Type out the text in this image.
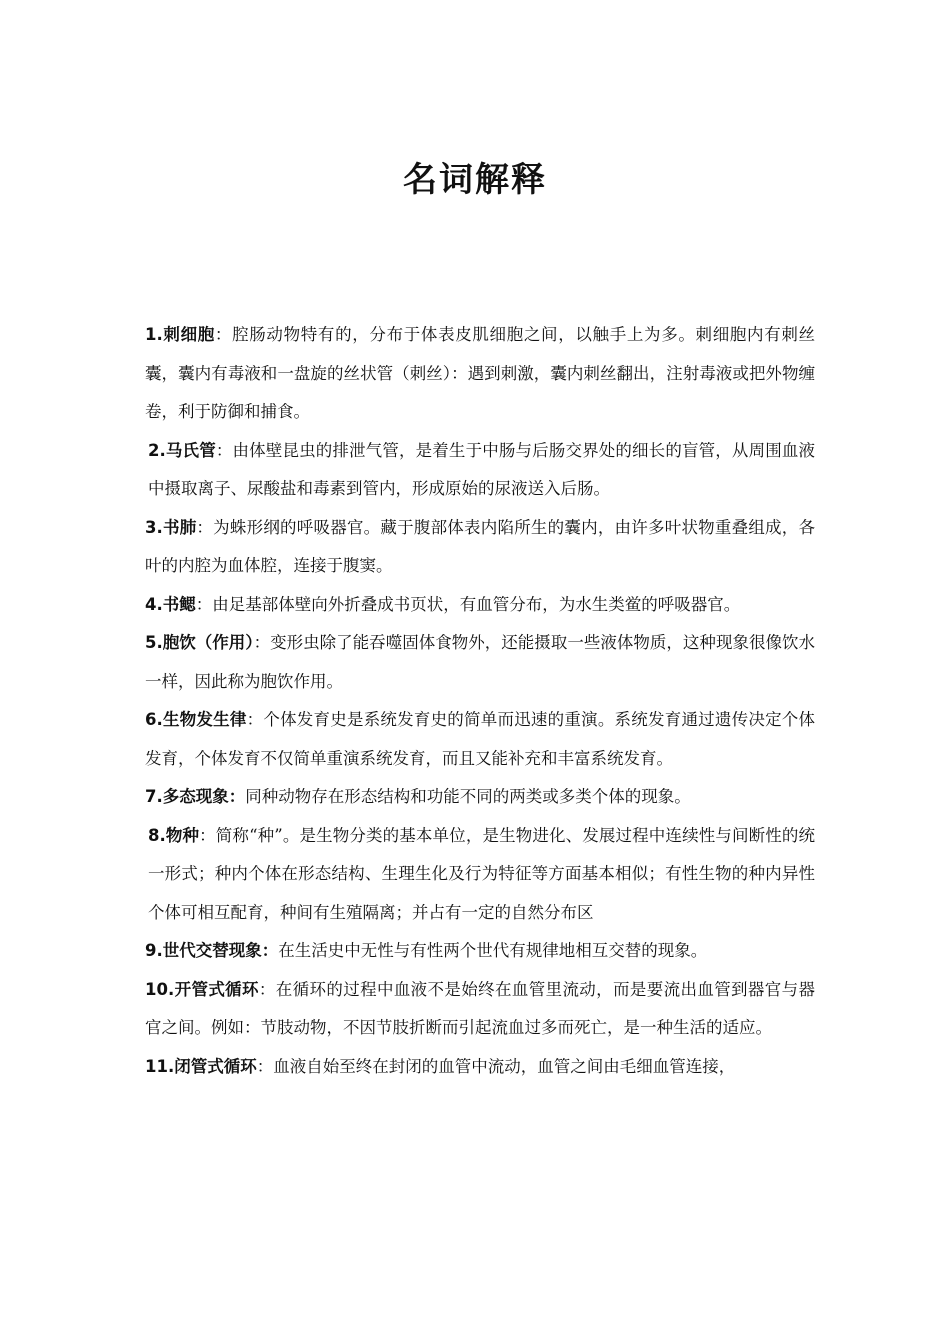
名词解释

1.刺细胞：腔肠动物特有的，分布于体表皮肌细胞之间，以触手上为多。刺细胞内有刺丝囊，囊内有毒液和一盘旋的丝状管（刺丝）：遇到刺激，囊内刺丝翻出，注射毒液或把外物缠卷，利于防御和捕食。

2.马氏管：由体壁昆虫的排泄气管，是着生于中肠与后肠交界处的细长的盲管，从周围血液中摄取离子、尿酸盐和毒素到管内，形成原始的尿液送入后肠。

3.书肺：为蛛形纲的呼吸器官。藏于腹部体表内陷所生的囊内，由许多叶状物重叠组成，各叶的内腔为血体腔，连接于腹窦。

4.书鳃：由足基部体壁向外折叠成书页状，有血管分布，为水生类鲎的呼吸器官。

5.胞饮（作用）：变形虫除了能吞噬固体食物外，还能摄取一些液体物质，这种现象很像饮水一样，因此称为胞饮作用。

6.生物发生律：个体发育史是系统发育史的简单而迅速的重演。系统发育通过遗传决定个体发育，个体发育不仅简单重演系统发育，而且又能补充和丰富系统发育。

7.多态现象：同种动物存在形态结构和功能不同的两类或多类个体的现象。

8.物种：简称“种”。是生物分类的基本单位，是生物进化、发展过程中连续性与间断性的统一形式；种内个体在形态结构、生理生化及行为特征等方面基本相似；有性生物的种内异性个体可相互配育，种间有生殖隔离；并占有一定的自然分布区

9.世代交替现象：在生活史中无性与有性两个世代有规律地相互交替的现象。

10.开管式循环：在循环的过程中血液不是始终在血管里流动，而是要流出血管到器官与器官之间。例如：节肢动物，不因节肢折断而引起流血过多而死亡，是一种生活的适应。

11.闭管式循环：血液自始至终在封闭的血管中流动，血管之间由毛细血管连接，
